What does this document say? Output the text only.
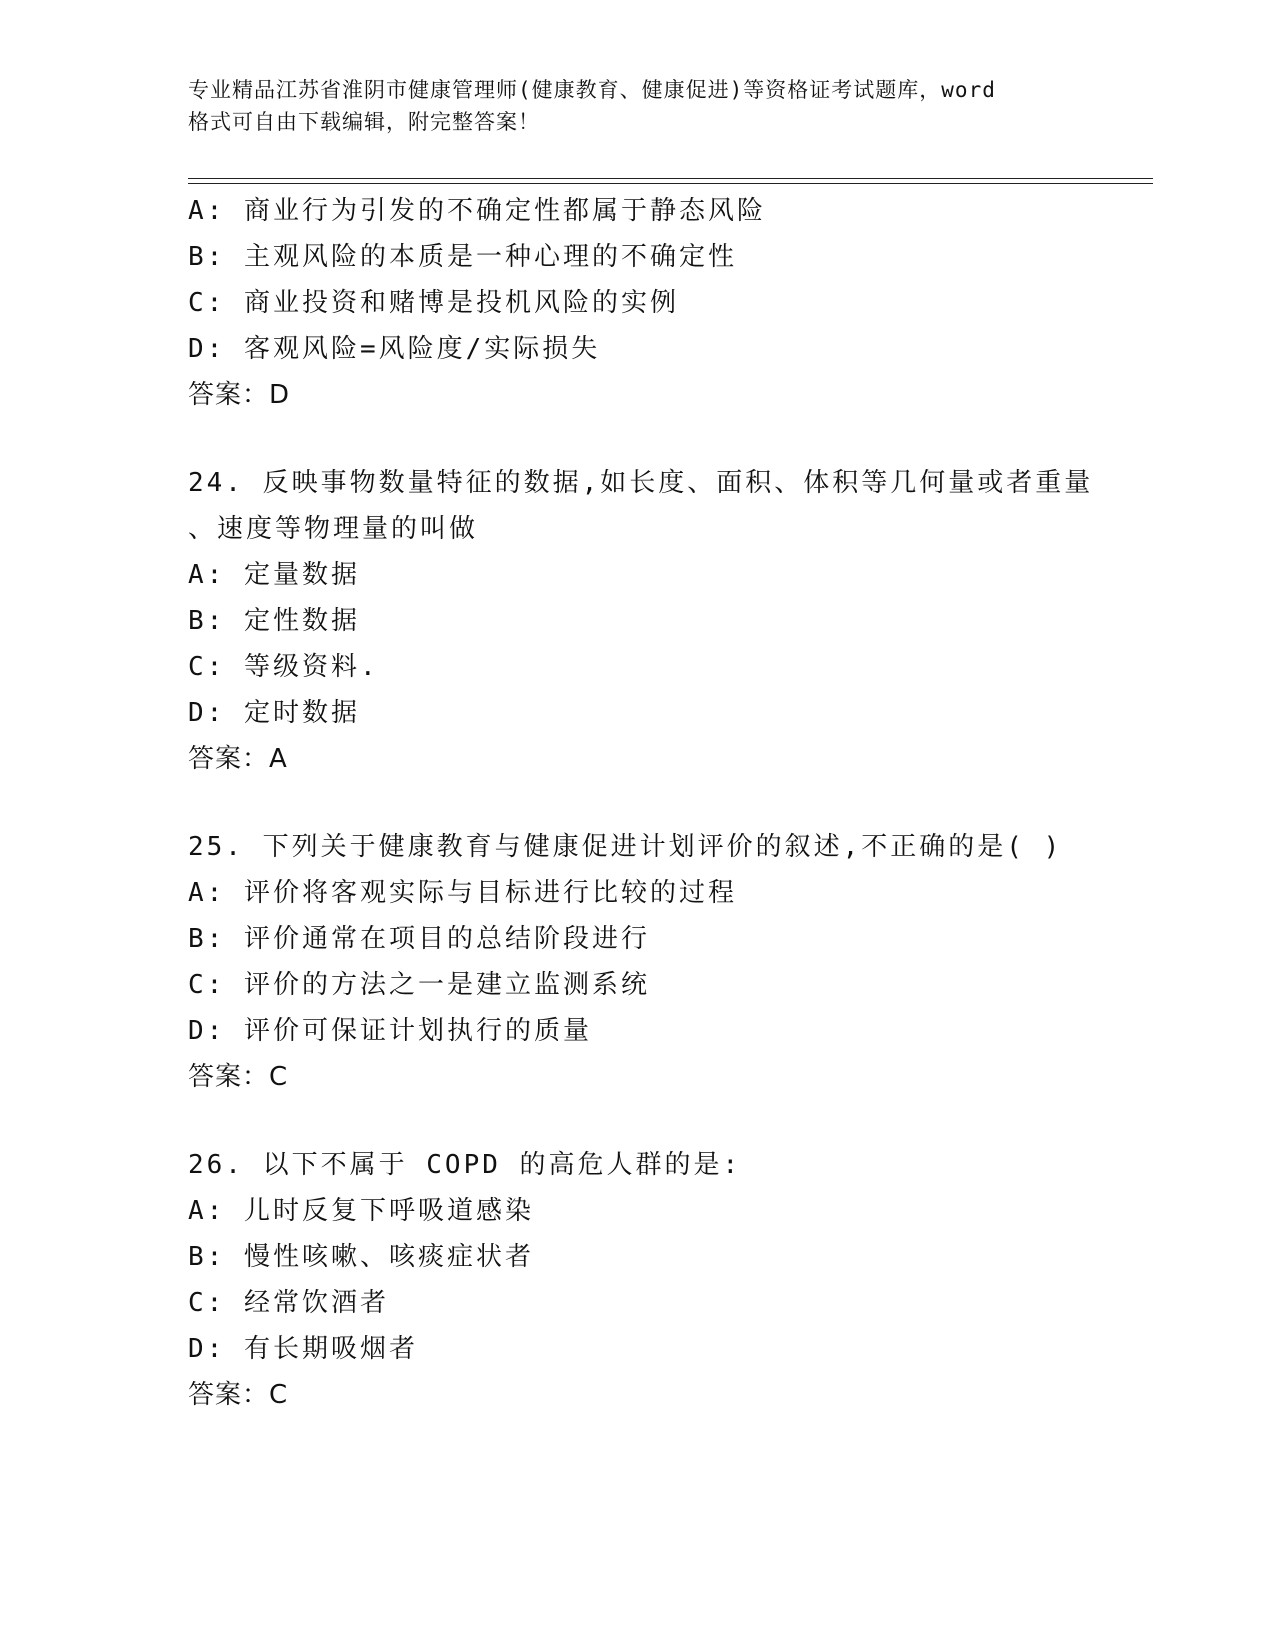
专业精品江苏省淮阴市健康管理师(健康教育、健康促进)等资格证考试题库，word
格式可自由下载编辑，附完整答案！
A: 商业行为引发的不确定性都属于静态风险
B: 主观风险的本质是一种心理的不确定性
C: 商业投资和赌博是投机风险的实例
D: 客观风险=风险度/实际损失
答案：D
24. 反映事物数量特征的数据,如长度、面积、体积等几何量或者重量
、速度等物理量的叫做
A: 定量数据
B: 定性数据
C: 等级资料.
D: 定时数据
答案：A
25. 下列关于健康教育与健康促进计划评价的叙述,不正确的是( )
A: 评价将客观实际与目标进行比较的过程
B: 评价通常在项目的总结阶段进行
C: 评价的方法之一是建立监测系统
D: 评价可保证计划执行的质量
答案：C
26. 以下不属于 COPD 的高危人群的是:
A: 儿时反复下呼吸道感染
B: 慢性咳嗽、咳痰症状者
C: 经常饮酒者
D: 有长期吸烟者
答案：C
